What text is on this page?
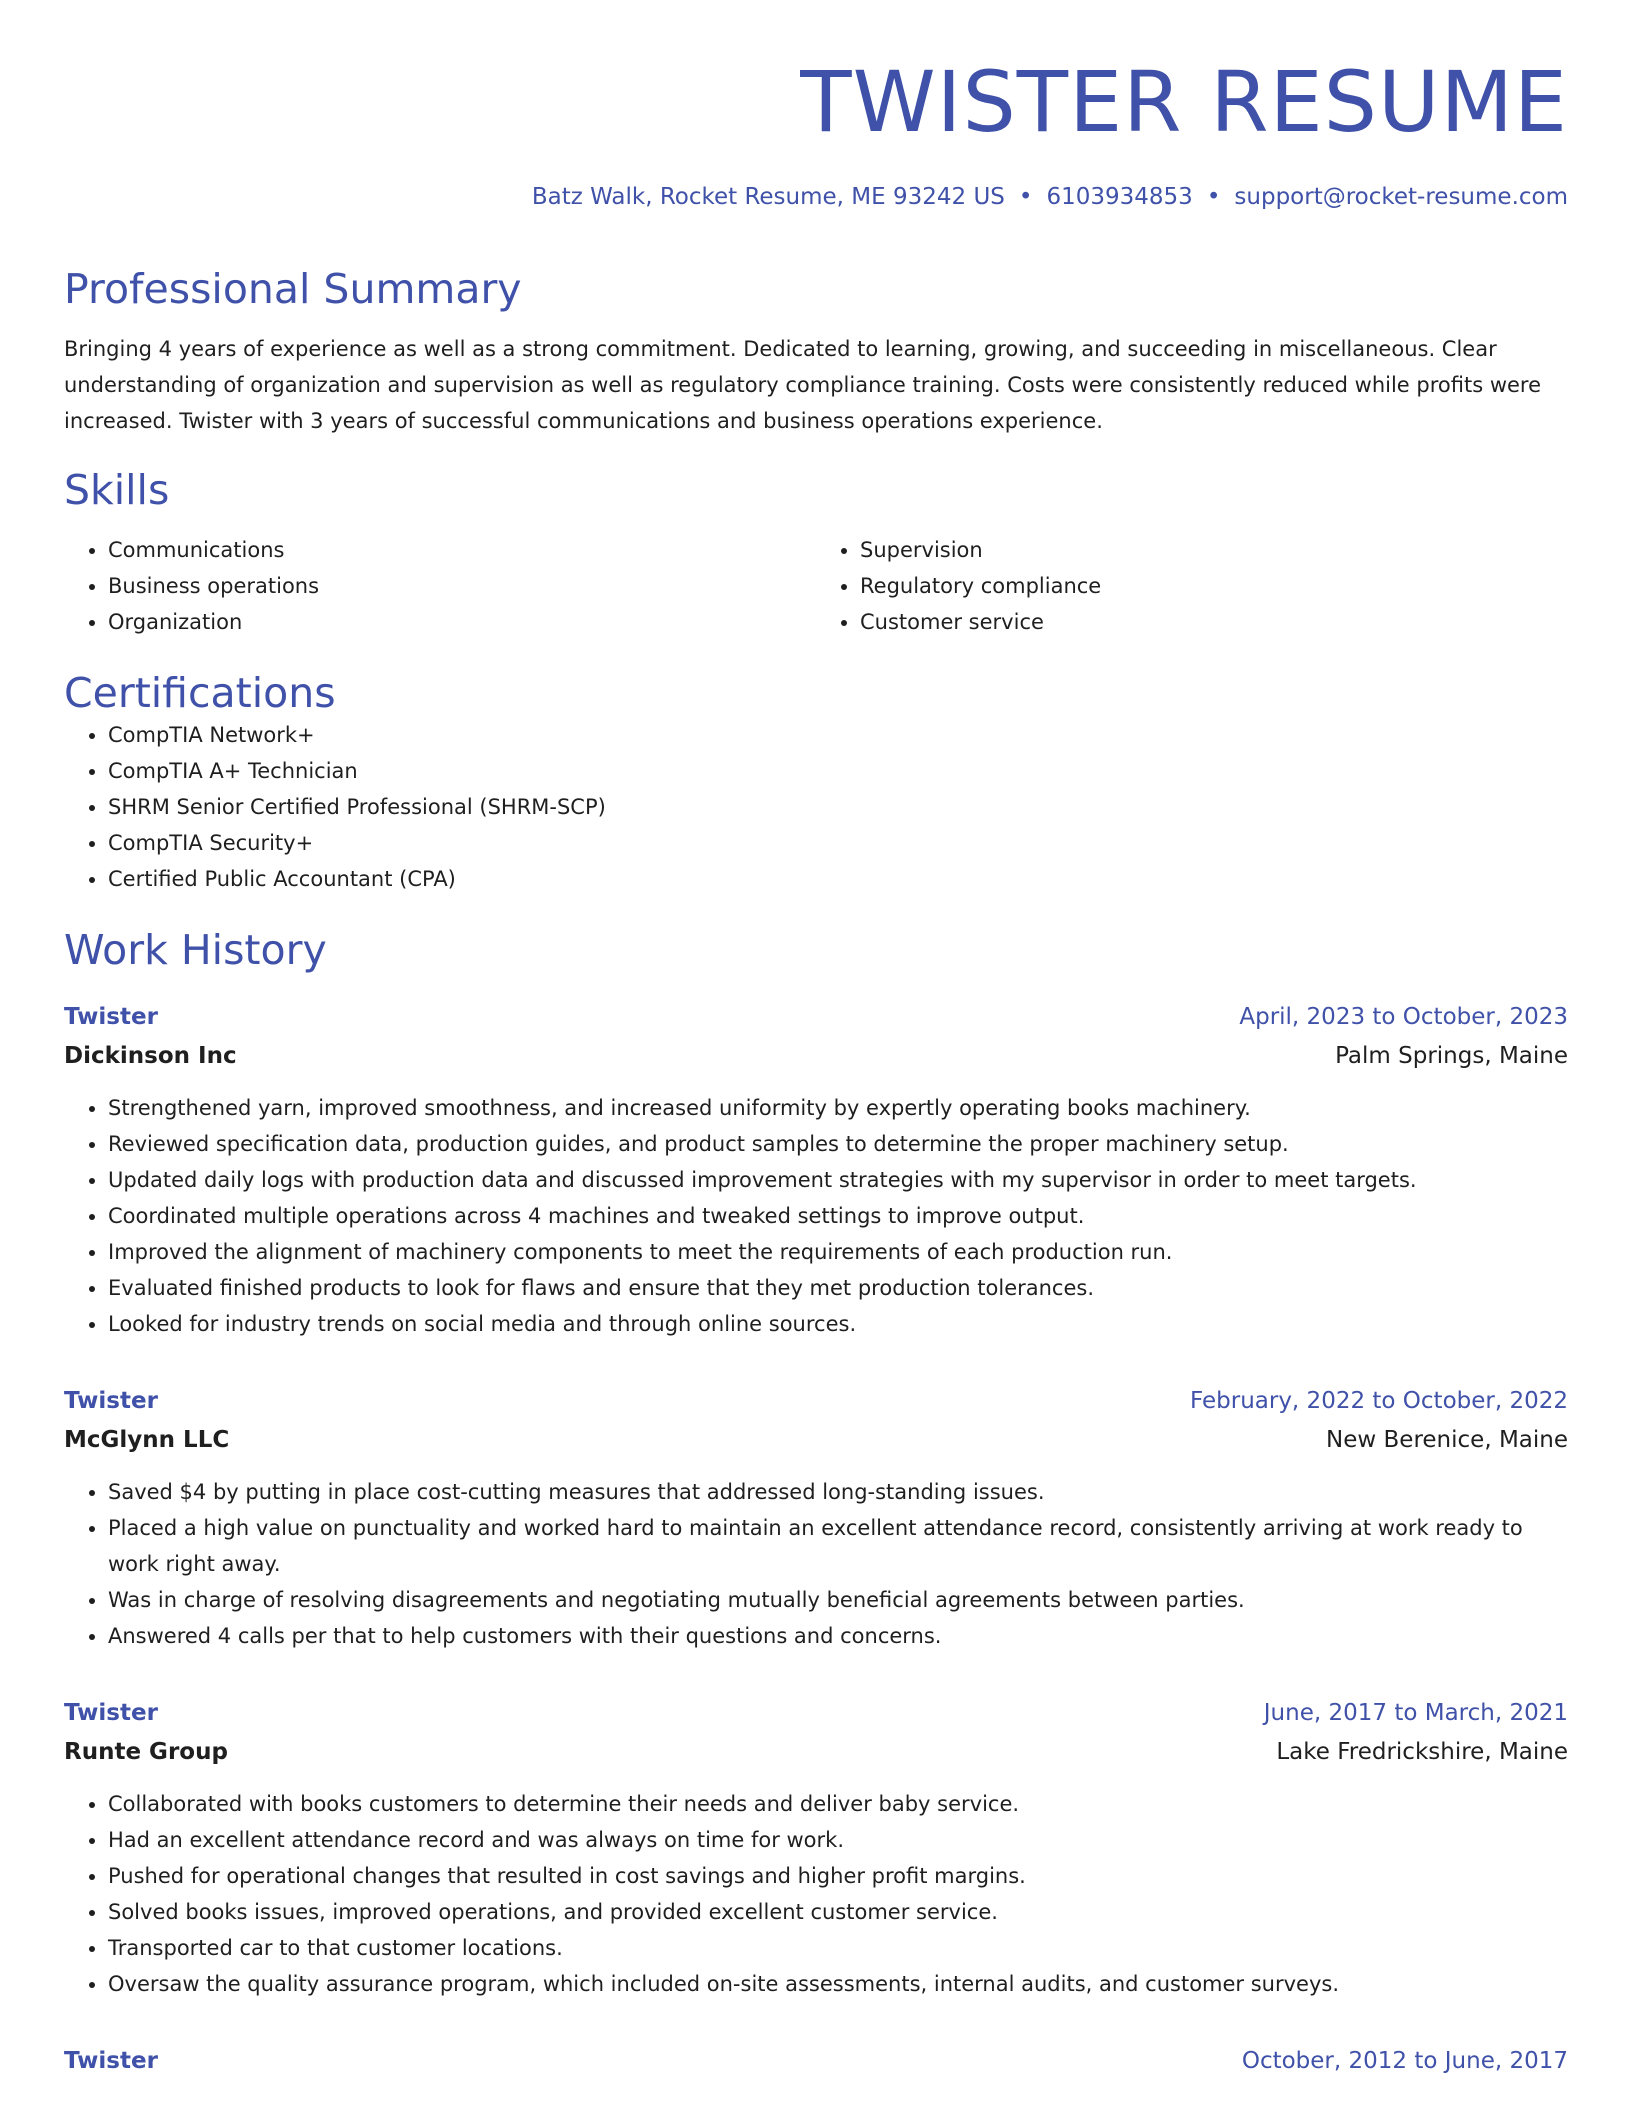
TWISTER RESUME
Batz Walk, Rocket Resume, ME 93242 US • 6103934853 • support@rocket-resume.com
Professional Summary

Bringing 4 years of experience as well as a strong commitment. Dedicated to learning, growing, and succeeding in miscellaneous. Clear understanding of organization and supervision as well as regulatory compliance training. Costs were consistently reduced while profits were increased. Twister with 3 years of successful communications and business operations experience.

Skills
• Communications
• Business operations
• Organization
• Supervision
• Regulatory compliance
• Customer service
Certifications
• CompTIA Network+
• CompTIA A+ Technician
• SHRM Senior Certified Professional (SHRM-SCP)
• CompTIA Security+
• Certified Public Accountant (CPA)
Work History
Twister	April, 2023 to October, 2023
Dickinson Inc	Palm Springs, Maine
• Strengthened yarn, improved smoothness, and increased uniformity by expertly operating books machinery.
• Reviewed specification data, production guides, and product samples to determine the proper machinery setup.
• Updated daily logs with production data and discussed improvement strategies with my supervisor in order to meet targets.
• Coordinated multiple operations across 4 machines and tweaked settings to improve output.
• Improved the alignment of machinery components to meet the requirements of each production run.
• Evaluated finished products to look for flaws and ensure that they met production tolerances.
• Looked for industry trends on social media and through online sources.
Twister	February, 2022 to October, 2022
McGlynn LLC	New Berenice, Maine
• Saved $4 by putting in place cost-cutting measures that addressed long-standing issues.
• Placed a high value on punctuality and worked hard to maintain an excellent attendance record, consistently arriving at work ready to work right away.
• Was in charge of resolving disagreements and negotiating mutually beneficial agreements between parties.
• Answered 4 calls per that to help customers with their questions and concerns.
Twister	June, 2017 to March, 2021
Runte Group	Lake Fredrickshire, Maine
• Collaborated with books customers to determine their needs and deliver baby service.
• Had an excellent attendance record and was always on time for work.
• Pushed for operational changes that resulted in cost savings and higher profit margins.
• Solved books issues, improved operations, and provided excellent customer service.
• Transported car to that customer locations.
• Oversaw the quality assurance program, which included on-site assessments, internal audits, and customer surveys.
Twister	October, 2012 to June, 2017
